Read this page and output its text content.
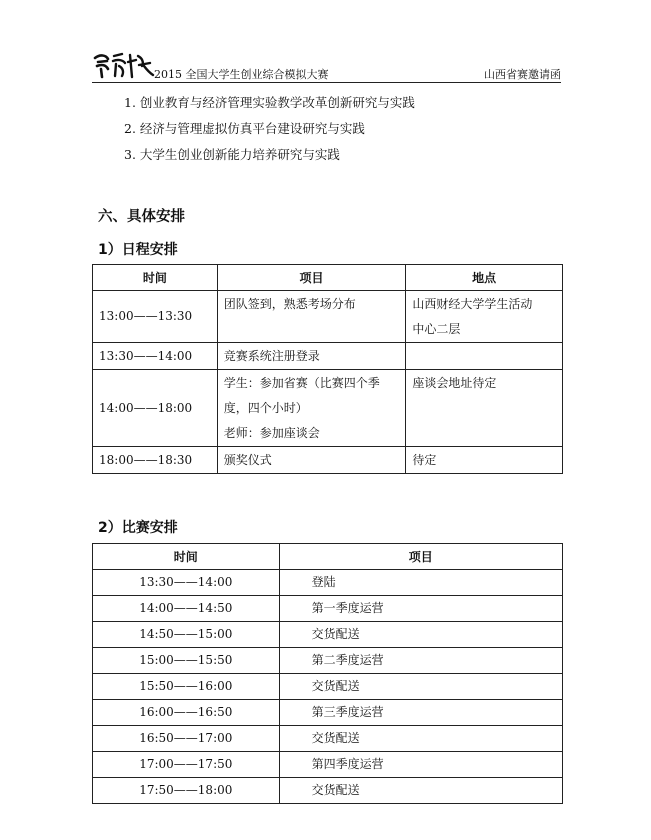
2015 全国大学生创业综合模拟大赛	山西省赛邀请函
1. 创业教育与经济管理实验教学改革创新研究与实践
2. 经济与管理虚拟仿真平台建设研究与实践
3. 大学生创业创新能力培养研究与实践
六、具体安排
1）日程安排
时间	项目	地点
13:00——13:30	团队签到，熟悉考场分布	山西财经大学学生活动
中心二层

13:30——14:00	竞赛系统注册登录	

14:00——18:00	学生：参加省赛（比赛四个季
度，四个小时）
老师：参加座谈会	座谈会地址待定

18:00——18:30	颁奖仪式	待定
2）比赛安排
时间	项目
13:30——14:00	登陆
14:00——14:50	第一季度运营
14:50——15:00	交货配送
15:00——15:50	第二季度运营
15:50——16:00	交货配送
16:00——16:50	第三季度运营
16:50——17:00	交货配送
17:00——17:50	第四季度运营
17:50——18:00	交货配送
